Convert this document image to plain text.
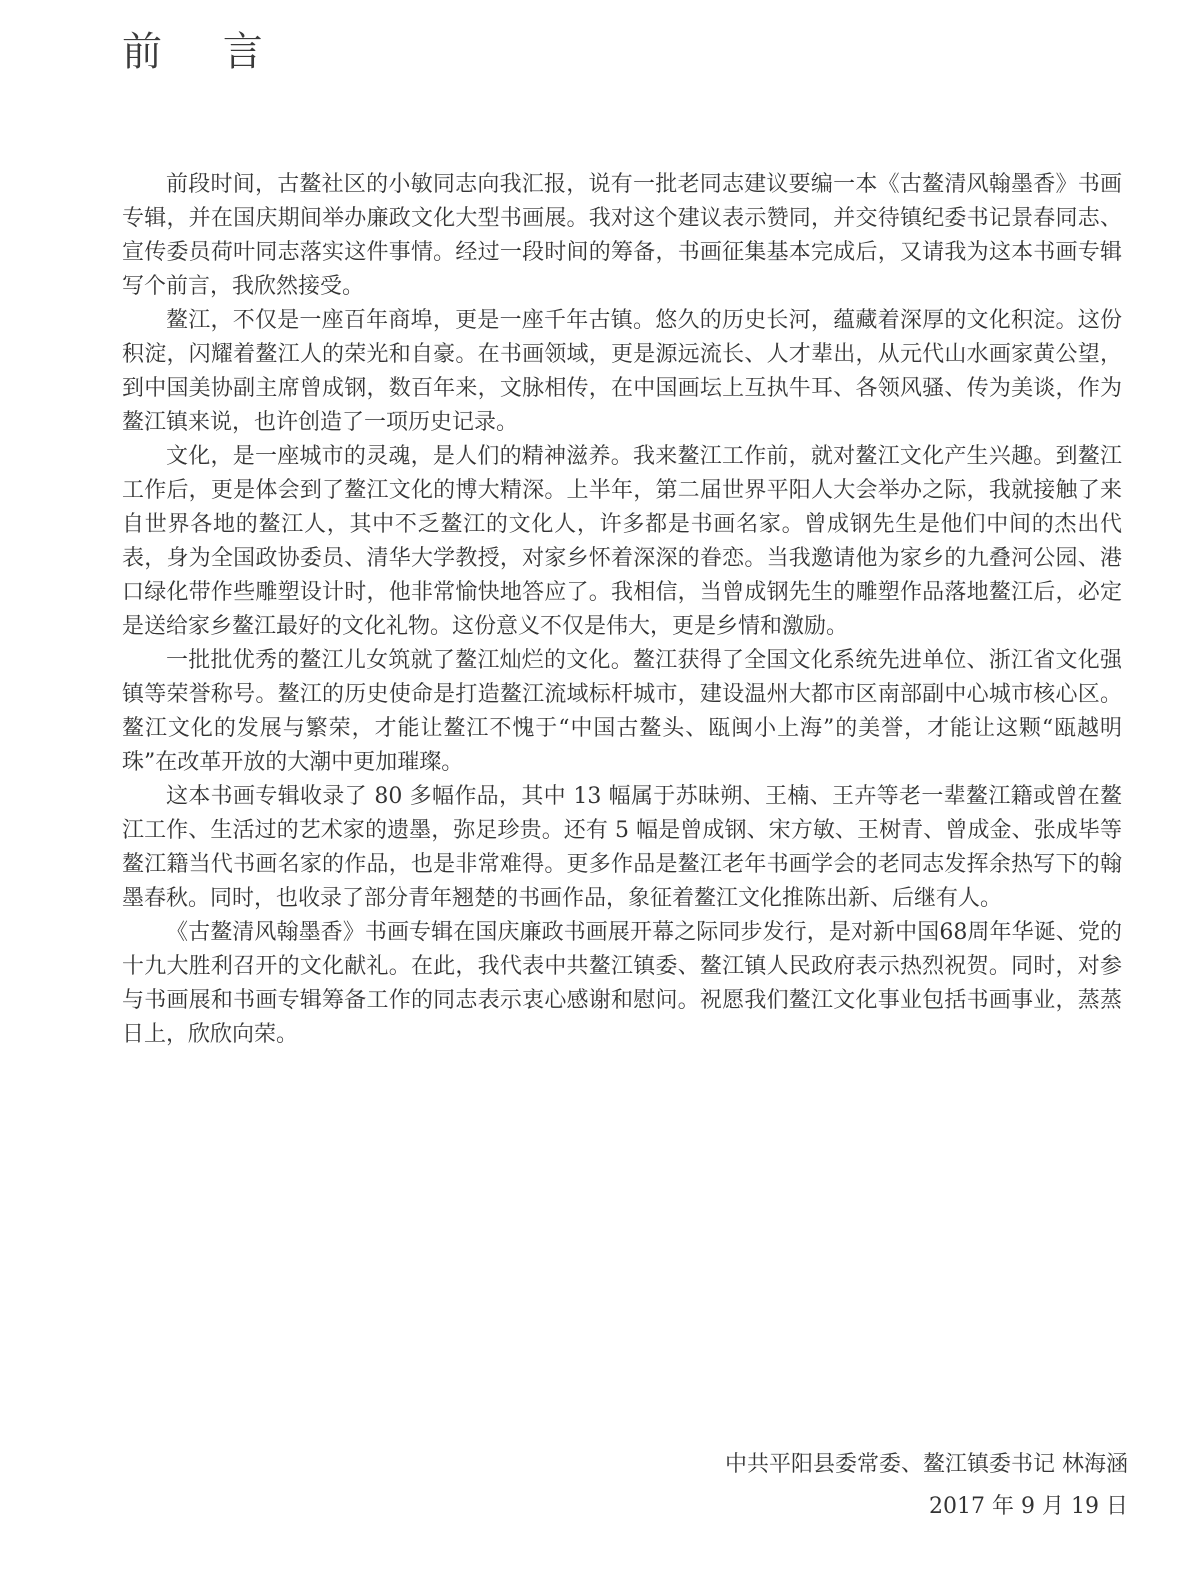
前 言

前段时间，古鳌社区的小敏同志向我汇报，说有一批老同志建议要编一本《古鳌清风翰墨香》书画专辑，并在国庆期间举办廉政文化大型书画展。我对这个建议表示赞同，并交待镇纪委书记景春同志、宣传委员荷叶同志落实这件事情。经过一段时间的筹备，书画征集基本完成后，又请我为这本书画专辑写个前言，我欣然接受。

鳌江，不仅是一座百年商埠，更是一座千年古镇。悠久的历史长河，蕴藏着深厚的文化积淀。这份积淀，闪耀着鳌江人的荣光和自豪。在书画领域，更是源远流长、人才辈出，从元代山水画家黄公望，到中国美协副主席曾成钢，数百年来，文脉相传，在中国画坛上互执牛耳、各领风骚、传为美谈，作为鳌江镇来说，也许创造了一项历史记录。

文化，是一座城市的灵魂，是人们的精神滋养。我来鳌江工作前，就对鳌江文化产生兴趣。到鳌江工作后，更是体会到了鳌江文化的博大精深。上半年，第二届世界平阳人大会举办之际，我就接触了来自世界各地的鳌江人，其中不乏鳌江的文化人，许多都是书画名家。曾成钢先生是他们中间的杰出代表，身为全国政协委员、清华大学教授，对家乡怀着深深的眷恋。当我邀请他为家乡的九叠河公园、港口绿化带作些雕塑设计时，他非常愉快地答应了。我相信，当曾成钢先生的雕塑作品落地鳌江后，必定是送给家乡鳌江最好的文化礼物。这份意义不仅是伟大，更是乡情和激励。

一批批优秀的鳌江儿女筑就了鳌江灿烂的文化。鳌江获得了全国文化系统先进单位、浙江省文化强镇等荣誉称号。鳌江的历史使命是打造鳌江流域标杆城市，建设温州大都市区南部副中心城市核心区。鳌江文化的发展与繁荣，才能让鳌江不愧于“中国古鳌头、瓯闽小上海”的美誉，才能让这颗“瓯越明珠”在改革开放的大潮中更加璀璨。

这本书画专辑收录了 80 多幅作品，其中 13 幅属于苏昧朔、王楠、王卉等老一辈鳌江籍或曾在鳌江工作、生活过的艺术家的遗墨，弥足珍贵。还有 5 幅是曾成钢、宋方敏、王树青、曾成金、张成毕等鳌江籍当代书画名家的作品，也是非常难得。更多作品是鳌江老年书画学会的老同志发挥余热写下的翰墨春秋。同时，也收录了部分青年翘楚的书画作品，象征着鳌江文化推陈出新、后继有人。

《古鳌清风翰墨香》书画专辑在国庆廉政书画展开幕之际同步发行，是对新中国68周年华诞、党的十九大胜利召开的文化献礼。在此，我代表中共鳌江镇委、鳌江镇人民政府表示热烈祝贺。同时，对参与书画展和书画专辑筹备工作的同志表示衷心感谢和慰问。祝愿我们鳌江文化事业包括书画事业，蒸蒸日上，欣欣向荣。

中共平阳县委常委、鳌江镇委书记 林海涵
2017 年 9 月 19 日
